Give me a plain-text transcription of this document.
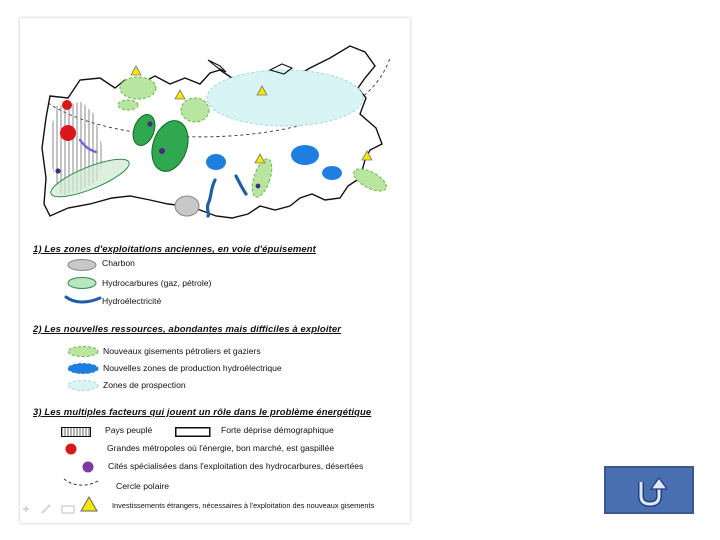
1) Les zones d'exploitations anciennes, en voie d'épuisement
Charbon
Hydrocarbures (gaz, pétrole)
Hydroélectricité
2) Les nouvelles ressources, abondantes mais difficiles à exploiter
Nouveaux gisements pétroliers et gaziers
Nouvelles zones de production hydroélectrique
Zones de prospection
3) Les multiples facteurs qui jouent un rôle dans le problème énergétique
Pays peuplé	Forte déprise démographique
Grandes métropoles où l'énergie, bon marché, est gaspillée
Cités spécialisées dans l'exploitation des hydrocarbures, désertées
Cercle polaire
Investissements étrangers, nécessaires à l'exploitation des nouveaux gisements
